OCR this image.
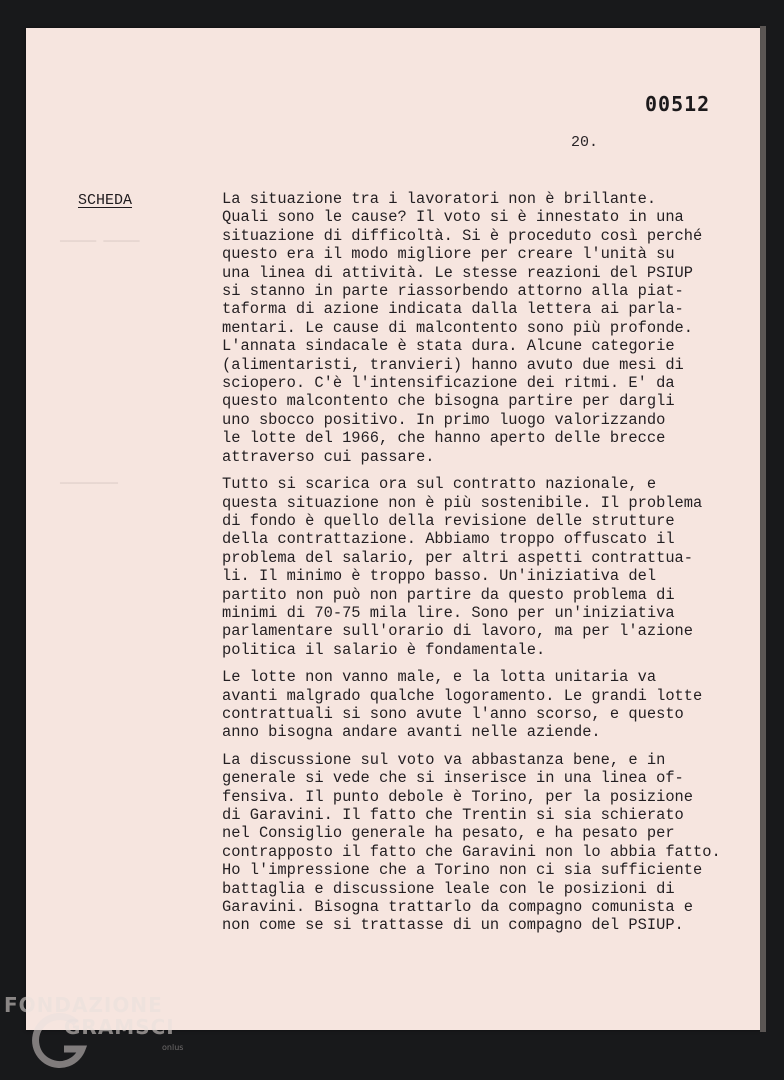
▁▁▁▁▁ ▁▁▁▁▁
▁▁▁▁▁▁▁▁
00512
20.
SCHEDA	La situazione tra i lavoratori non è brillante.
Quali sono le cause? Il voto si è innestato in una
situazione di difficoltà. Si è proceduto così perché
questo era il modo migliore per creare l'unità su
una linea di attività. Le stesse reazioni del PSIUP
si stanno in parte riassorbendo attorno alla piat-
taforma di azione indicata dalla lettera ai parla-
mentari. Le cause di malcontento sono più profonde.
L'annata sindacale è stata dura. Alcune categorie
(alimentaristi, tranvieri) hanno avuto due mesi di
sciopero. C'è l'intensificazione dei ritmi. E' da
questo malcontento che bisogna partire per dargli
uno sbocco positivo. In primo luogo valorizzando
le lotte del 1966, che hanno aperto delle brecce
attraverso cui passare.
Tutto si scarica ora sul contratto nazionale, e
questa situazione non è più sostenibile. Il problema
di fondo è quello della revisione delle strutture
della contrattazione. Abbiamo troppo offuscato il
problema del salario, per altri aspetti contrattua-
li. Il minimo è troppo basso. Un'iniziativa del
partito non può non partire da questo problema di
minimi di 70-75 mila lire. Sono per un'iniziativa
parlamentare sull'orario di lavoro, ma per l'azione
politica il salario è fondamentale.
Le lotte non vanno male, e la lotta unitaria va
avanti malgrado qualche logoramento. Le grandi lotte
contrattuali si sono avute l'anno scorso, e questo
anno bisogna andare avanti nelle aziende.
La discussione sul voto va abbastanza bene, e in
generale si vede che si inserisce in una linea of-
fensiva. Il punto debole è Torino, per la posizione
di Garavini. Il fatto che Trentin si sia schierato
nel Consiglio generale ha pesato, e ha pesato per
contrapposto il fatto che Garavini non lo abbia fatto.
Ho l'impressione che a Torino non ci sia sufficiente
battaglia e discussione leale con le posizioni di
Garavini. Bisogna trattarlo da compagno comunista e
non come se si trattasse di un compagno del PSIUP.
FONDAZIONE
GRAMSCI
onlus
